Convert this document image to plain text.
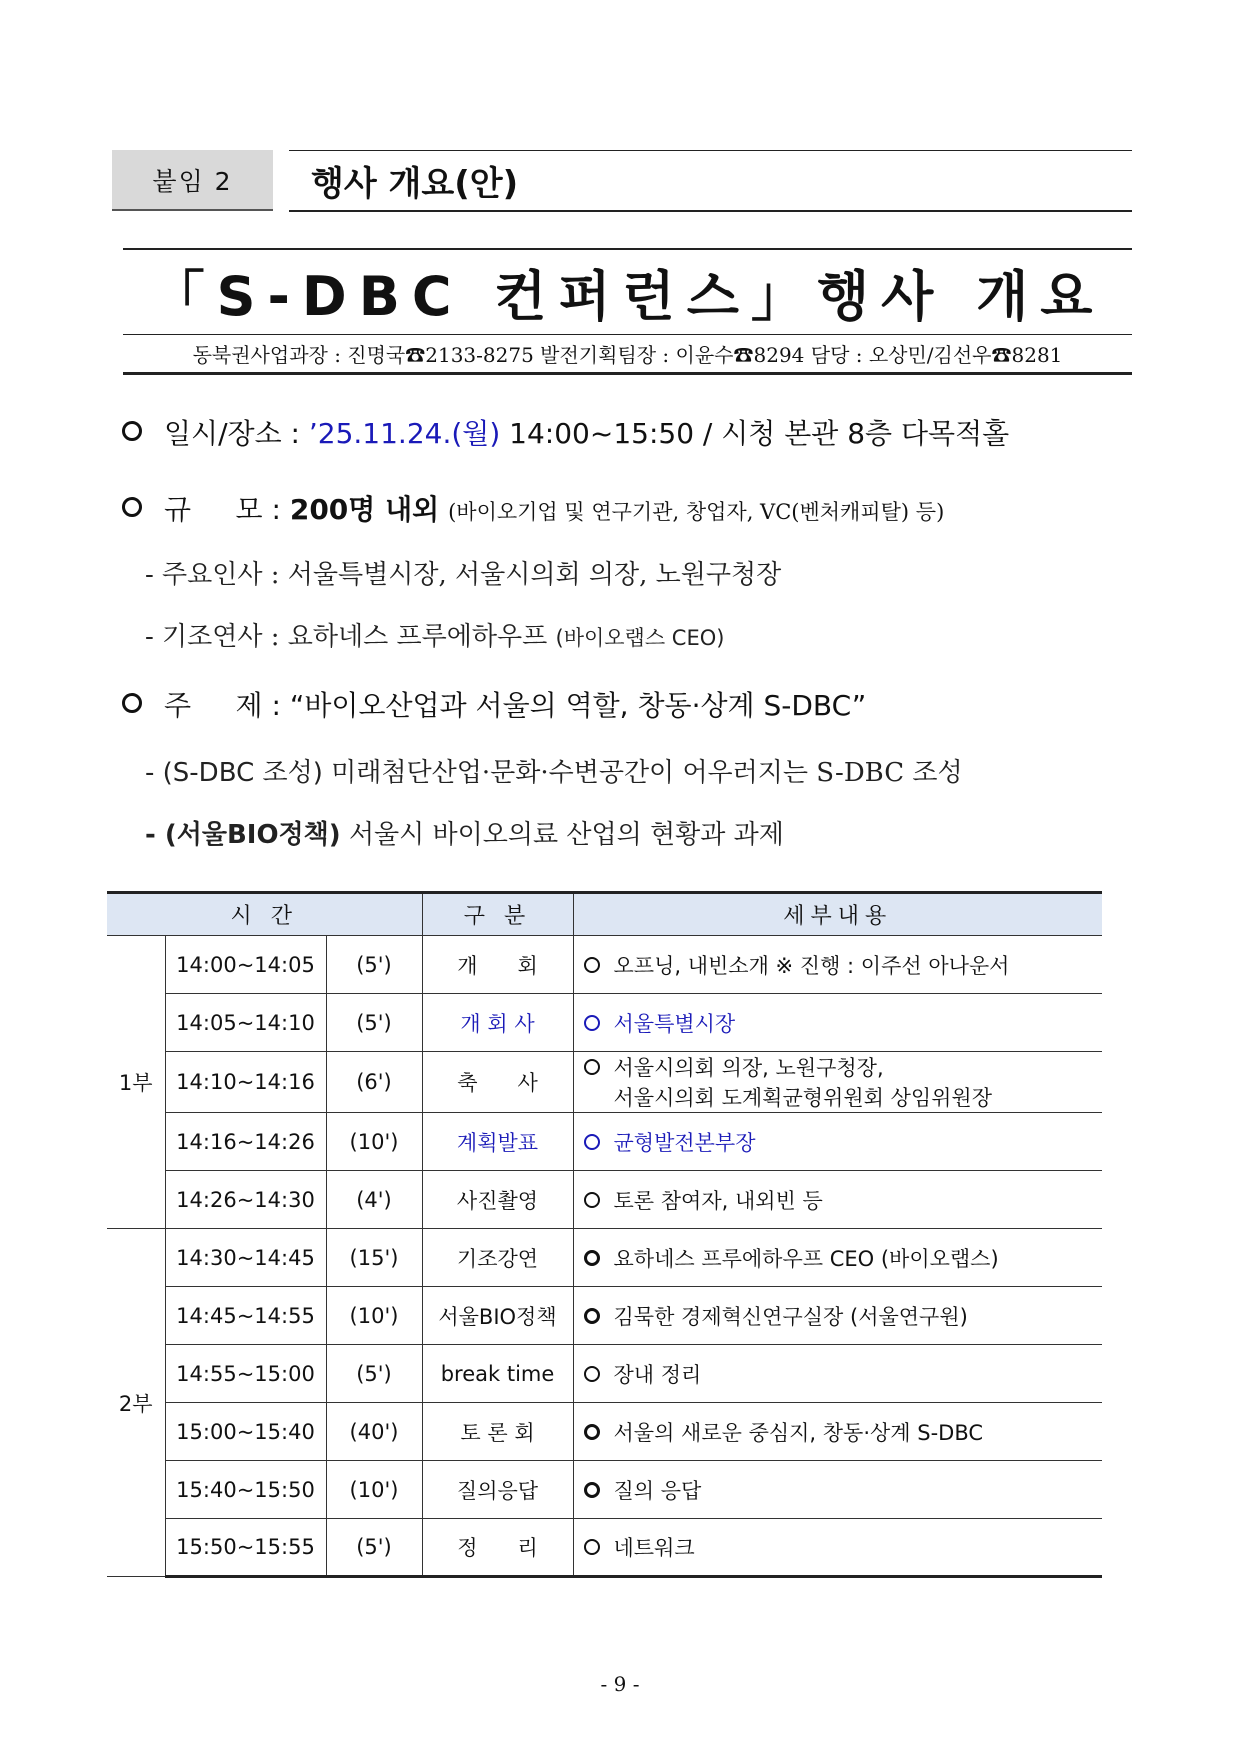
붙임 2 행사 개요(안)
「S-DBC 컨퍼런스」행사 개요
동북권사업과장 : 진명국☎2133-8275 발전기획팀장 : 이윤수☎8294 담당 : 오상민/김선우☎8281
일시/장소 :
’25.11.24.(월)
14:00~15:50 / 시청 본관 8층 다목적홀
규     모 :
200명 내외
(바이오기업 및 연구기관, 창업자, VC(벤처캐피탈) 등)
- 주요인사 : 서울특별시장, 서울시의회 의장, 노원구청장
- 기조연사 : 요하네스 프루에하우프 (바이오랩스 CEO)
주     제 :
“바이오산업과 서울의 역할, 창동·상계 S-DBC”
- (S-DBC 조성) 미래첨단산업·문화·수변공간이 어우러지는 S-DBC 조성
- (서울BIO정책) 서울시 바이오의료 산업의 현황과 과제
시 간			구 분	세부내용
1부	14:00~14:05	(5')	개      회	오프닝, 내빈소개 ※ 진행 : 이주선 아나운서

	14:05~14:10	(5')	개 회 사	서울특별시장

	14:10~14:16	(6')	축      사	서울시의회 의장, 노원구청장,
서울시의회 도계획균형위원회 상임위원장

	14:16~14:26	(10')	계획발표	균형발전본부장

	14:26~14:30	(4')	사진촬영	토론 참여자, 내외빈 등

2부	14:30~14:45	(15')	기조강연	요하네스 프루에하우프 CEO (바이오랩스)

	14:45~14:55	(10')	서울BIO정책	김묵한 경제혁신연구실장 (서울연구원)

	14:55~15:00	(5')	break time	장내 정리

	15:00~15:40	(40')	토 론 회	서울의 새로운 중심지, 창동·상계 S-DBC

	15:40~15:50	(10')	질의응답	질의 응답

	15:50~15:55	(5')	정      리	네트워크
- 9 -
